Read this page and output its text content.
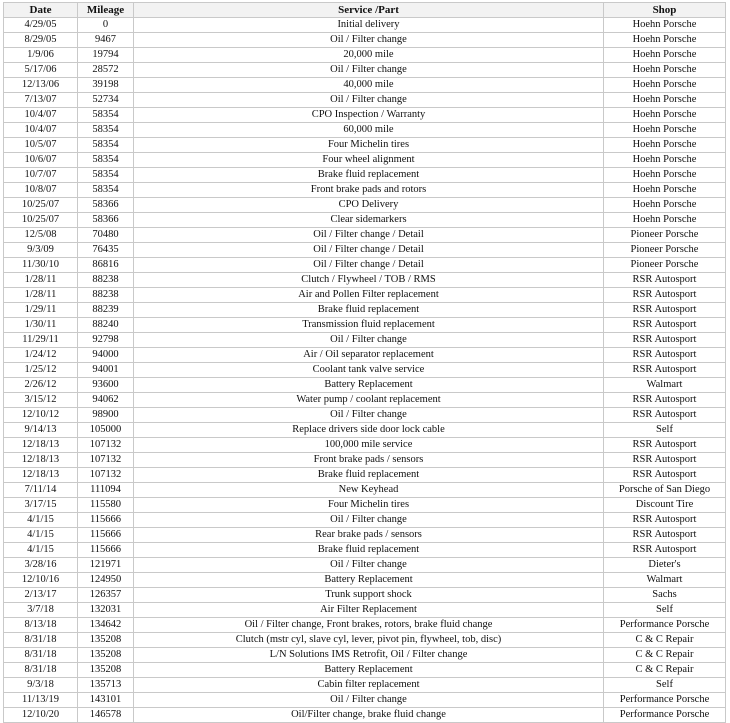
Date	Mileage	Service /Part	Shop
4/29/05	0	Initial delivery	Hoehn Porsche
8/29/05	9467	Oil / Filter change	Hoehn Porsche
1/9/06	19794	20,000 mile	Hoehn Porsche
5/17/06	28572	Oil / Filter change	Hoehn Porsche
12/13/06	39198	40,000 mile	Hoehn Porsche
7/13/07	52734	Oil / Filter change	Hoehn Porsche
10/4/07	58354	CPO Inspection / Warranty	Hoehn Porsche
10/4/07	58354	60,000 mile	Hoehn Porsche
10/5/07	58354	Four Michelin tires	Hoehn Porsche
10/6/07	58354	Four wheel alignment	Hoehn Porsche
10/7/07	58354	Brake fluid replacement	Hoehn Porsche
10/8/07	58354	Front brake pads and rotors	Hoehn Porsche
10/25/07	58366	CPO Delivery	Hoehn Porsche
10/25/07	58366	Clear sidemarkers	Hoehn Porsche
12/5/08	70480	Oil / Filter change / Detail	Pioneer Porsche
9/3/09	76435	Oil / Filter change / Detail	Pioneer Porsche
11/30/10	86816	Oil / Filter change / Detail	Pioneer Porsche
1/28/11	88238	Clutch / Flywheel / TOB / RMS	RSR Autosport
1/28/11	88238	Air and Pollen Filter replacement	RSR Autosport
1/29/11	88239	Brake fluid replacement	RSR Autosport
1/30/11	88240	Transmission fluid replacement	RSR Autosport
11/29/11	92798	Oil / Filter change	RSR Autosport
1/24/12	94000	Air / Oil separator replacement	RSR Autosport
1/25/12	94001	Coolant tank valve service	RSR Autosport
2/26/12	93600	Battery Replacement	Walmart
3/15/12	94062	Water pump / coolant replacement	RSR Autosport
12/10/12	98900	Oil / Filter change	RSR Autosport
9/14/13	105000	Replace drivers side door lock cable	Self
12/18/13	107132	100,000 mile service	RSR Autosport
12/18/13	107132	Front brake pads / sensors	RSR Autosport
12/18/13	107132	Brake fluid replacement	RSR Autosport
7/11/14	111094	New Keyhead	Porsche of San Diego
3/17/15	115580	Four Michelin tires	Discount Tire
4/1/15	115666	Oil / Filter change	RSR Autosport
4/1/15	115666	Rear brake pads / sensors	RSR Autosport
4/1/15	115666	Brake fluid replacement	RSR Autosport
3/28/16	121971	Oil / Filter change	Dieter's
12/10/16	124950	Battery Replacement	Walmart
2/13/17	126357	Trunk support shock	Sachs
3/7/18	132031	Air Filter Replacement	Self
8/13/18	134642	Oil / Filter change, Front brakes, rotors, brake fluid change	Performance Porsche
8/31/18	135208	Clutch (mstr cyl, slave cyl, lever, pivot pin, flywheel, tob, disc)	C & C Repair
8/31/18	135208	L/N Solutions IMS Retrofit, Oil / Filter change	C & C Repair
8/31/18	135208	Battery Replacement	C & C Repair
9/3/18	135713	Cabin filter replacement	Self
11/13/19	143101	Oil / Filter change	Performance Porsche
12/10/20	146578	Oil/Filter change, brake fluid change	Performance Porsche
